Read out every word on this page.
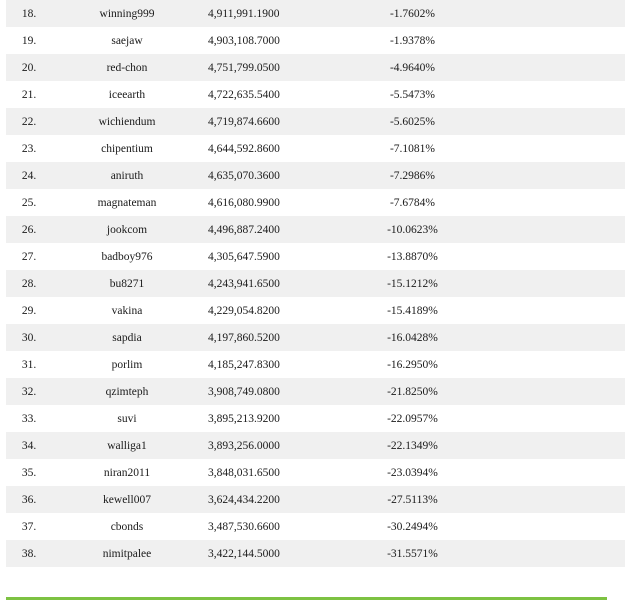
18.	winning999	4,911,991.1900	-1.7602%
19.	saejaw	4,903,108.7000	-1.9378%
20.	red-chon	4,751,799.0500	-4.9640%
21.	iceearth	4,722,635.5400	-5.5473%
22.	wichiendum	4,719,874.6600	-5.6025%
23.	chipentium	4,644,592.8600	-7.1081%
24.	aniruth	4,635,070.3600	-7.2986%
25.	magnateman	4,616,080.9900	-7.6784%
26.	jookcom	4,496,887.2400	-10.0623%
27.	badboy976	4,305,647.5900	-13.8870%
28.	bu8271	4,243,941.6500	-15.1212%
29.	vakina	4,229,054.8200	-15.4189%
30.	sapdia	4,197,860.5200	-16.0428%
31.	porlim	4,185,247.8300	-16.2950%
32.	qzimteph	3,908,749.0800	-21.8250%
33.	suvi	3,895,213.9200	-22.0957%
34.	walliga1	3,893,256.0000	-22.1349%
35.	niran2011	3,848,031.6500	-23.0394%
36.	kewell007	3,624,434.2200	-27.5113%
37.	cbonds	3,487,530.6600	-30.2494%
38.	nimitpalee	3,422,144.5000	-31.5571%
